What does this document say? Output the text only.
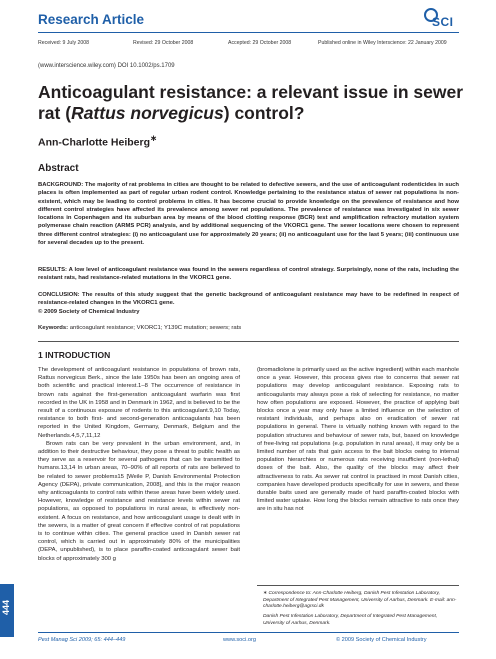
Research Article	SCI
Received: 9 July 2008	Revised: 29 October 2008	Accepted: 29 October 2008	Published online in Wiley Interscience: 22 January 2009
(www.interscience.wiley.com) DOI 10.1002/ps.1709
Anticoagulant resistance: a relevant issue in sewer rat (Rattus norvegicus) control?
Ann-Charlotte Heiberg∗
Abstract
BACKGROUND: The majority of rat problems in cities are thought to be related to defective sewers, and the use of anticoagulant rodenticides in such places is often implemented as part of regular urban rodent control. Knowledge pertaining to the resistance status of sewer rat populations is non-existent, which may be leading to control problems in cities. It has become crucial to provide knowledge on the prevalence of resistance and how different control strategies have affected its prevalence among sewer rat populations. The prevalence of resistance was investigated in six sewer locations in Copenhagen and its suburban area by means of the blood clotting response (BCR) test and amplification refractory mutation system polymerase chain reaction (ARMS PCR) analysis, and by additional sequencing of the VKORC1 gene. The sewer locations were chosen to represent three different control strategies: (i) no anticoagulant use for approximately 20 years; (ii) no anticoagulant use for the last 5 years; (iii) continuous use for several decades up to the present.
RESULTS: A low level of anticoagulant resistance was found in the sewers regardless of control strategy. Surprisingly, none of the rats, including the resistant rats, had resistance-related mutations in the VKORC1 gene.
CONCLUSION: The results of this study suggest that the genetic background of anticoagulant resistance may have to be redefined in respect of resistance-related changes in the VKORC1 gene.
© 2009 Society of Chemical Industry
Keywords: anticoagulant resistance; VKORC1; Y139C mutation; sewers; rats
1 INTRODUCTION

The development of anticoagulant resistance in populations of brown rats, Rattus norvegicus Berk., since the late 1950s has been an ongoing area of both scientific and practical interest.1–8 The occurrence of resistance in brown rats against the first-generation anticoagulant warfarin was first recorded in the UK in 1958 and in Denmark in 1962, and is believed to be the result of a continuous exposure of rodents to this anticoagulant.9,10 Today, resistance to both first- and second-generation anticoagulants has been reported in the United Kingdom, Germany, Denmark, Belgium and the Netherlands.4,5,7,11,12

Brown rats can be very prevalent in the urban environment, and, in addition to their destructive behaviour, they pose a threat to public health as they serve as a reservoir for several pathogens that can be transmitted to humans.13,14 In urban areas, 70–90% of all reports of rats are believed to be related to sewer problems15 [Weile P, Danish Environmental Protection Agency (DEPA), private communication, 2008], and this is the major reason why anticoagulants to control rats within these areas have been widely used. However, knowledge of resistance and resistance levels within sewer rat populations, as opposed to populations in rural areas, is effectively non-existent. A focus on resistance, and how anticoagulant usage is dealt with in the sewers, is a matter of great concern if effective control of rat populations is to continue within cities. The general practice used in Danish sewer rat control, which is carried out in approximately 80% of the municipalities (DEPA, unpublished), is to place paraffin-coated anticoagulant sewer bait blocks of approximately 300 g

(bromadiolone is primarily used as the active ingredient) within each manhole once a year. However, this process gives rise to concerns that sewer rat populations may develop anticoagulant resistance. Exposing rats to anticoagulants may always pose a risk of selecting for resistance, no matter how often populations are exposed. However, the practice of applying bait blocks once a year may only have a limited influence on the selection of resistant individuals, and perhaps also on eradication of sewer rat populations in general. There is virtually nothing known with regard to the population structures and behaviour of sewer rats, but, based on knowledge of free-living rat populations (e.g. population in rural areas), it may only be a limited number of rats that gain access to the bait blocks owing to internal population hierarchies or numerous rats receiving insufficient (non-lethal) doses of the bait. Also, the quality of the blocks may affect their attractiveness to rats. As sewer rat control is practised in most Danish cities, companies have developed products specifically for use in sewers, and these durable baits used are generally made of hard paraffin-coated blocks with limited water uptake. How long the blocks remain attractive to rats once they are in situ has not

∗ Correspondence to: Ann-Charlotte Heiberg, Danish Pest Infestation Laboratory, Department of Integrated Pest Management, University of Aarhus, Denmark. E-mail: ann-charlotte.heiberg@agrsci.dk
Danish Pest Infestation Laboratory, Department of Integrated Pest Management, University of Aarhus, Denmark.
444
Pest Manag Sci 2009; 65: 444–449	www.soci.org	© 2009 Society of Chemical Industry
